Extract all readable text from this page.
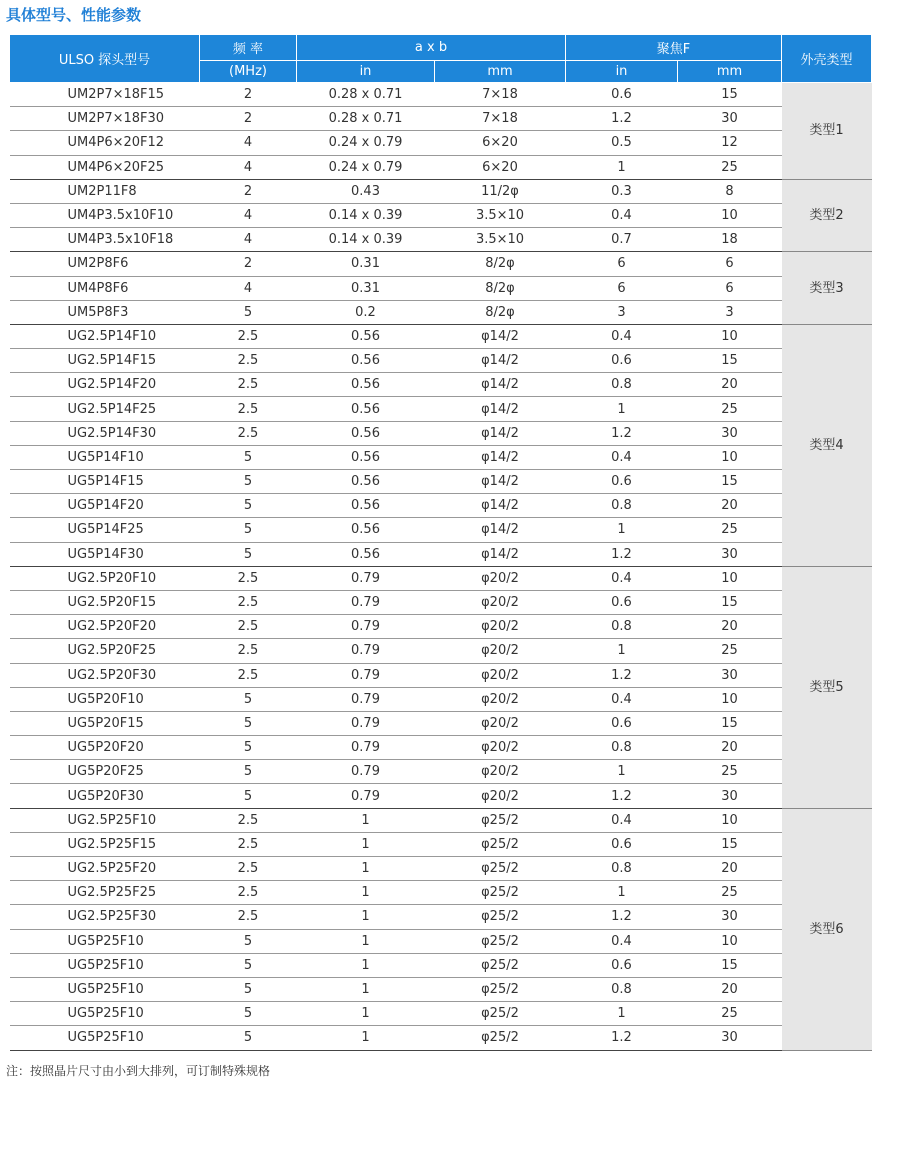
具体型号、性能参数
ULSO 探头型号	频 率	a x b		聚焦F		外壳类型
	(MHz)	in	mm	in	mm	
UM2P7×18F15	2	0.28 x 0.71	7×18	0.6	15	类型1
UM2P7×18F30	2	0.28 x 0.71	7×18	1.2	30	
UM4P6×20F12	4	0.24 x 0.79	6×20	0.5	12	
UM4P6×20F25	4	0.24 x 0.79	6×20	1	25	
UM2P11F8	2	0.43	11/2φ	0.3	8	类型2
UM4P3.5x10F10	4	0.14 x 0.39	3.5×10	0.4	10	
UM4P3.5x10F18	4	0.14 x 0.39	3.5×10	0.7	18	
UM2P8F6	2	0.31	8/2φ	6	6	类型3
UM4P8F6	4	0.31	8/2φ	6	6	
UM5P8F3	5	0.2	8/2φ	3	3	
UG2.5P14F10	2.5	0.56	φ14/2	0.4	10	类型4
UG2.5P14F15	2.5	0.56	φ14/2	0.6	15	
UG2.5P14F20	2.5	0.56	φ14/2	0.8	20	
UG2.5P14F25	2.5	0.56	φ14/2	1	25	
UG2.5P14F30	2.5	0.56	φ14/2	1.2	30	
UG5P14F10	5	0.56	φ14/2	0.4	10	
UG5P14F15	5	0.56	φ14/2	0.6	15	
UG5P14F20	5	0.56	φ14/2	0.8	20	
UG5P14F25	5	0.56	φ14/2	1	25	
UG5P14F30	5	0.56	φ14/2	1.2	30	
UG2.5P20F10	2.5	0.79	φ20/2	0.4	10	类型5
UG2.5P20F15	2.5	0.79	φ20/2	0.6	15	
UG2.5P20F20	2.5	0.79	φ20/2	0.8	20	
UG2.5P20F25	2.5	0.79	φ20/2	1	25	
UG2.5P20F30	2.5	0.79	φ20/2	1.2	30	
UG5P20F10	5	0.79	φ20/2	0.4	10	
UG5P20F15	5	0.79	φ20/2	0.6	15	
UG5P20F20	5	0.79	φ20/2	0.8	20	
UG5P20F25	5	0.79	φ20/2	1	25	
UG5P20F30	5	0.79	φ20/2	1.2	30	
UG2.5P25F10	2.5	1	φ25/2	0.4	10	类型6
UG2.5P25F15	2.5	1	φ25/2	0.6	15	
UG2.5P25F20	2.5	1	φ25/2	0.8	20	
UG2.5P25F25	2.5	1	φ25/2	1	25	
UG2.5P25F30	2.5	1	φ25/2	1.2	30	
UG5P25F10	5	1	φ25/2	0.4	10	
UG5P25F10	5	1	φ25/2	0.6	15	
UG5P25F10	5	1	φ25/2	0.8	20	
UG5P25F10	5	1	φ25/2	1	25	
UG5P25F10	5	1	φ25/2	1.2	30	
注：按照晶片尺寸由小到大排列，可订制特殊规格
